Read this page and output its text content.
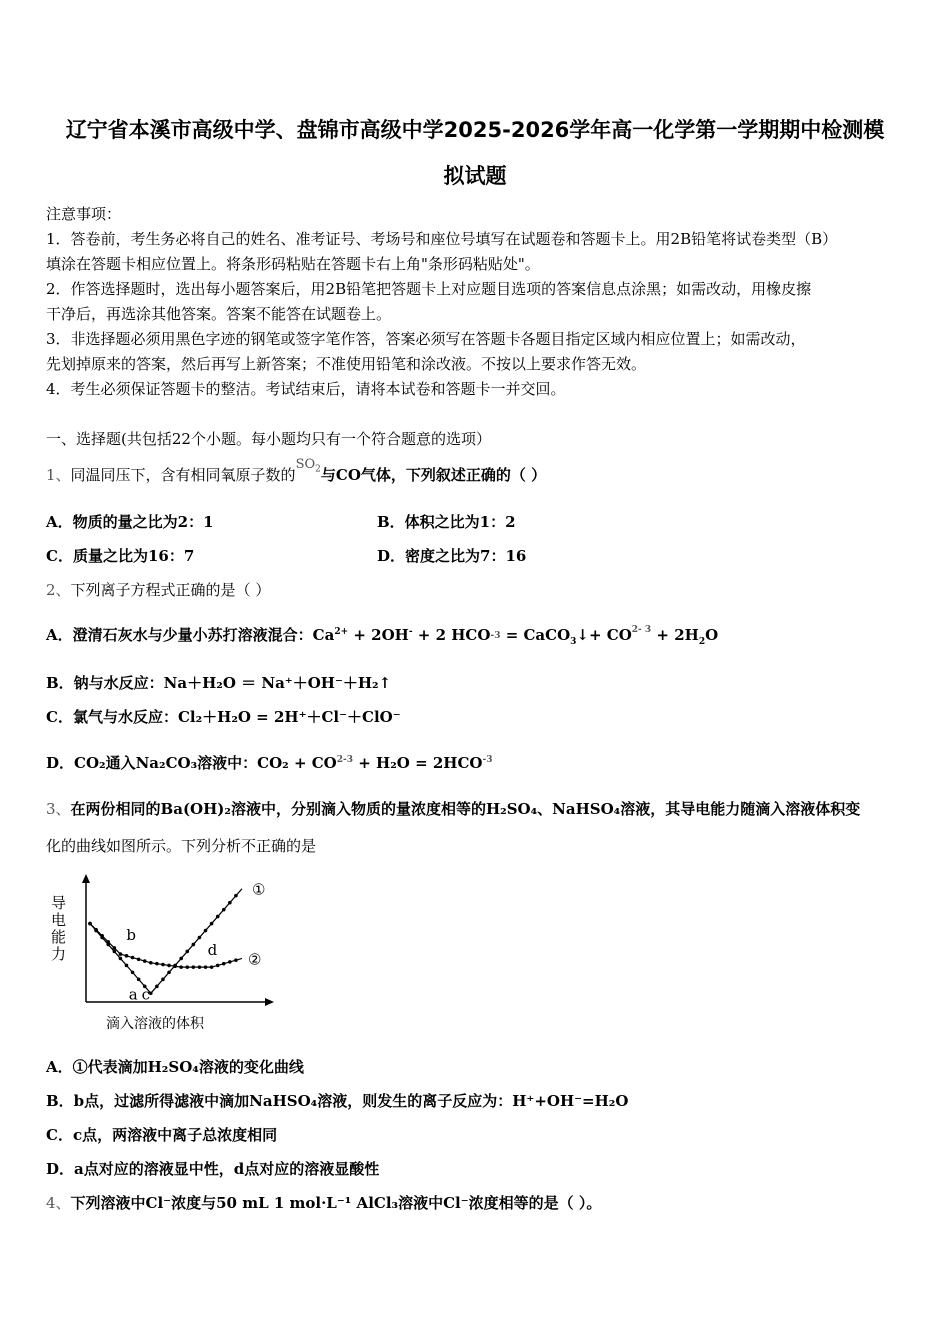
辽宁省本溪市高级中学、盘锦市高级中学2025-2026学年高一化学第一学期期中检测模
拟试题
注意事项：
1．答卷前，考生务必将自己的姓名、准考证号、考场号和座位号填写在试题卷和答题卡上。用2B铅笔将试卷类型（B）
填涂在答题卡相应位置上。将条形码粘贴在答题卡右上角"条形码粘贴处"。
2．作答选择题时，选出每小题答案后，用2B铅笔把答题卡上对应题目选项的答案信息点涂黑；如需改动，用橡皮擦
干净后，再选涂其他答案。答案不能答在试题卷上。
3．非选择题必须用黑色字迹的钢笔或签字笔作答，答案必须写在答题卡各题目指定区域内相应位置上；如需改动，
先划掉原来的答案，然后再写上新答案；不准使用铅笔和涂改液。不按以上要求作答无效。
4．考生必须保证答题卡的整洁。考试结束后，请将本试卷和答题卡一并交回。
一、选择题(共包括22个小题。每小题均只有一个符合题意的选项）
1、同温同压下，含有相同氧原子数的$SO_2$与CO气体，下列叙述正确的（ ）
A．物质的量之比为2：1	B．体积之比为1：2
C．质量之比为16：7	D．密度之比为7：16
2、下列离子方程式正确的是（ ）
A．澄清石灰水与少量小苏打溶液混合：$Ca^{2+} + 2OH^- + 2$ HCO-3 = CaCO$_3$↓+ $CO^{2- 3} + 2H_2O$
B．钠与水反应：Na＋H₂O ＝ Na⁺＋OH⁻＋H₂↑
C．氯气与水反应：Cl₂＋H₂O = 2H⁺＋Cl⁻＋ClO⁻
D．CO₂通入Na₂CO₃溶液中：$CO_2 + CO^{2-3} + H_2O = 2HCO^{-3}$
3、在两份相同的Ba(OH)₂溶液中，分别滴入物质的量浓度相等的H₂SO₄、NaHSO₄溶液，其导电能力随滴入溶液体积变
化的曲线如图所示。下列分析不正确的是
导电能力
滴入溶液的体积
a
b
c
d
①
②
A．①代表滴加H₂SO₄溶液的变化曲线
B．b点，过滤所得滤液中滴加NaHSO₄溶液，则发生的离子反应为：H⁺+OH⁻=H₂O
C．c点，两溶液中离子总浓度相同
D．a点对应的溶液显中性，d点对应的溶液显酸性
4、下列溶液中Cl⁻浓度与50 mL 1 mol·L⁻¹ AlCl₃溶液中Cl⁻浓度相等的是（ ）。
